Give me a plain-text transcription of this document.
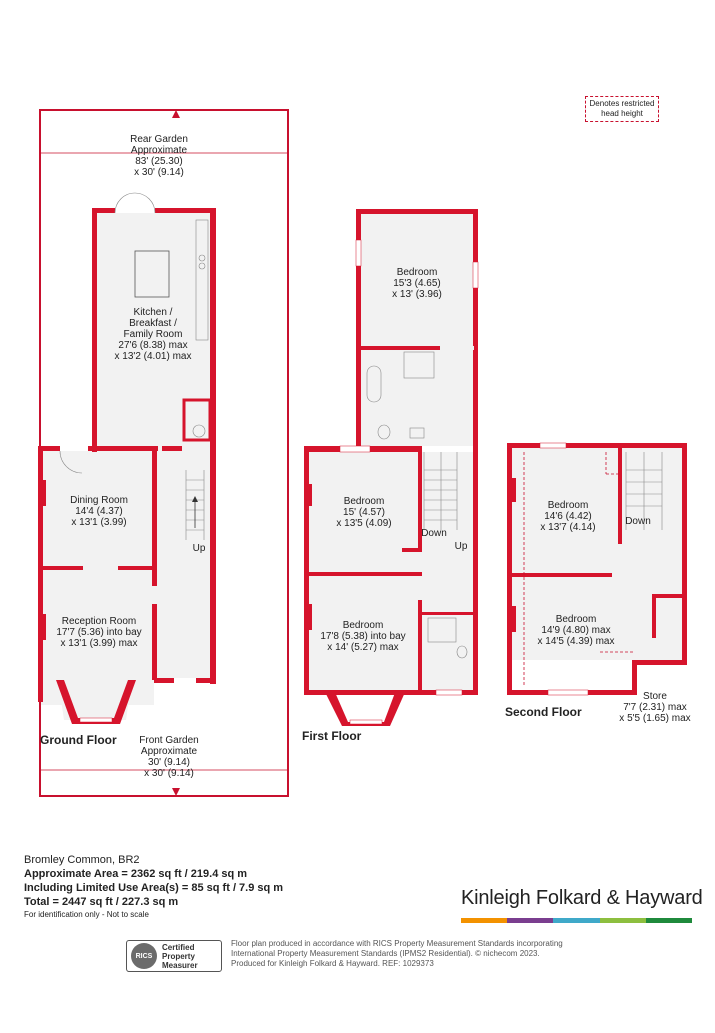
Denotes restricted
head height
Rear Garden
Approximate
83' (25.30)
x 30' (9.14)
Kitchen /
Breakfast /
Family Room
27'6 (8.38) max
x 13'2 (4.01) max
Dining Room
14'4 (4.37)
x 13'1 (3.99)
Reception Room
17'7 (5.36) into bay
x 13'1 (3.99) max
Up
Ground Floor	Front Garden
Approximate
30' (9.14)
x 30' (9.14)
Bedroom
15'3 (4.65)
x 13' (3.96)
Bedroom
15' (4.57)
x 13'5 (4.09)
Bedroom
17'8 (5.38) into bay
x 14' (5.27) max
Down
Up
First Floor
Bedroom
14'6 (4.42)
x 13'7 (4.14)
Bedroom
14'9 (4.80) max
x 14'5 (4.39) max
Down
Second Floor
Store
7'7 (2.31) max
x 5'5 (1.65) max
Bromley Common, BR2
Approximate Area = 2362 sq ft / 219.4 sq m
Including Limited Use Area(s) = 85 sq ft / 7.9 sq m
Total = 2447 sq ft / 227.3 sq m
For identification only - Not to scale
Kinleigh Folkard & Hayward
RICS
Certified
Property
Measurer
Floor plan produced in accordance with RICS Property Measurement Standards incorporating
International Property Measurement Standards (IPMS2 Residential). © nichecom 2023.
Produced for Kinleigh Folkard & Hayward. REF: 1029373
